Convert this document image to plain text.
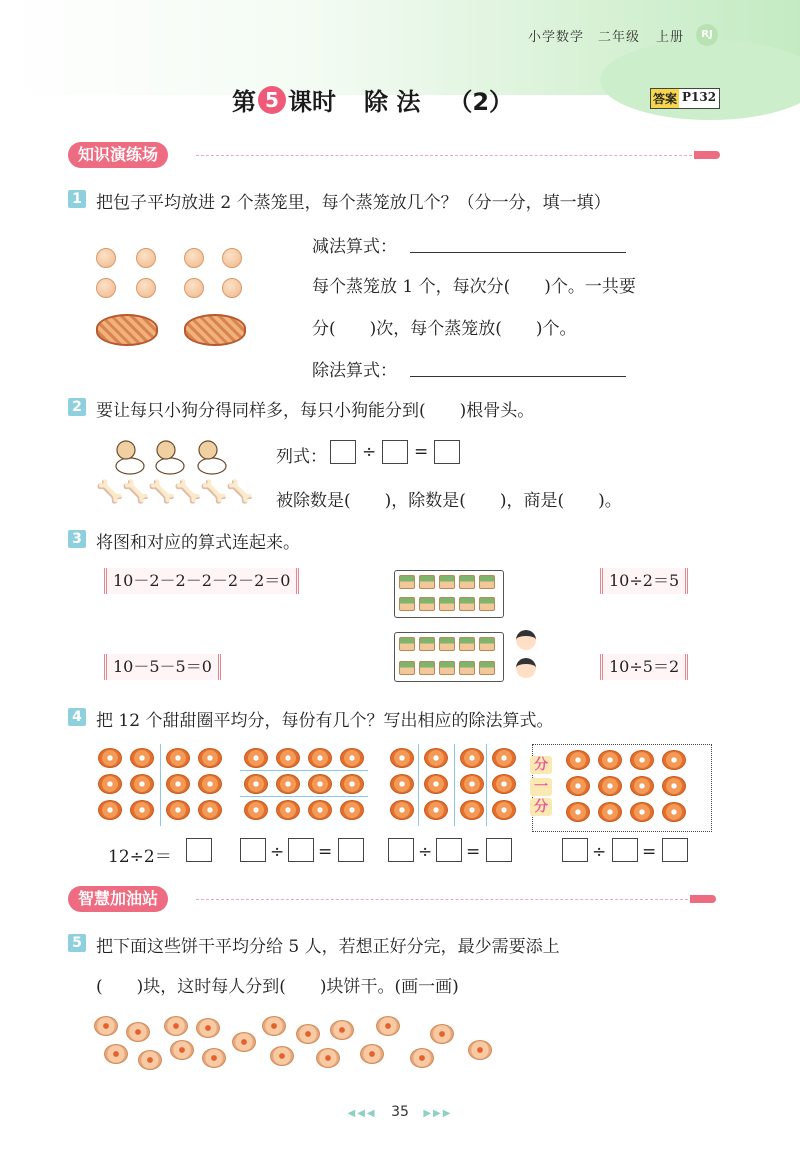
小学数学 二年级 上册	RJ
第 5 课时 除 法 （2）	答案 P132
知识演练场
1 把包子平均放进 2 个蒸笼里，每个蒸笼放几个？（分一分，填一填）
减法算式：
每个蒸笼放 1 个，每次分(　　)个。一共要
分(　　)次，每个蒸笼放(　　)个。
除法算式：
2 要让每只小狗分得同样多，每只小狗能分到(　　)根骨头。
🦴
🦴
🦴
🦴
🦴
🦴
列式： ÷ =
被除数是(　　)，除数是(　　)，商是(　　)。
3 将图和对应的算式连起来。
10－2－2－2－2－2＝0
10－5－5＝0
10÷2＝5
10÷5＝2
4 把 12 个甜甜圈平均分，每份有几个？写出相应的除法算式。
分
一
分
12÷2＝	÷ =	÷ =	÷ =
智慧加油站
5 把下面这些饼干平均分给 5 人，若想正好分完，最少需要添上
(　　)块，这时每人分到(　　)块饼干。(画一画)
◀◀◀ 35 ▶▶▶
